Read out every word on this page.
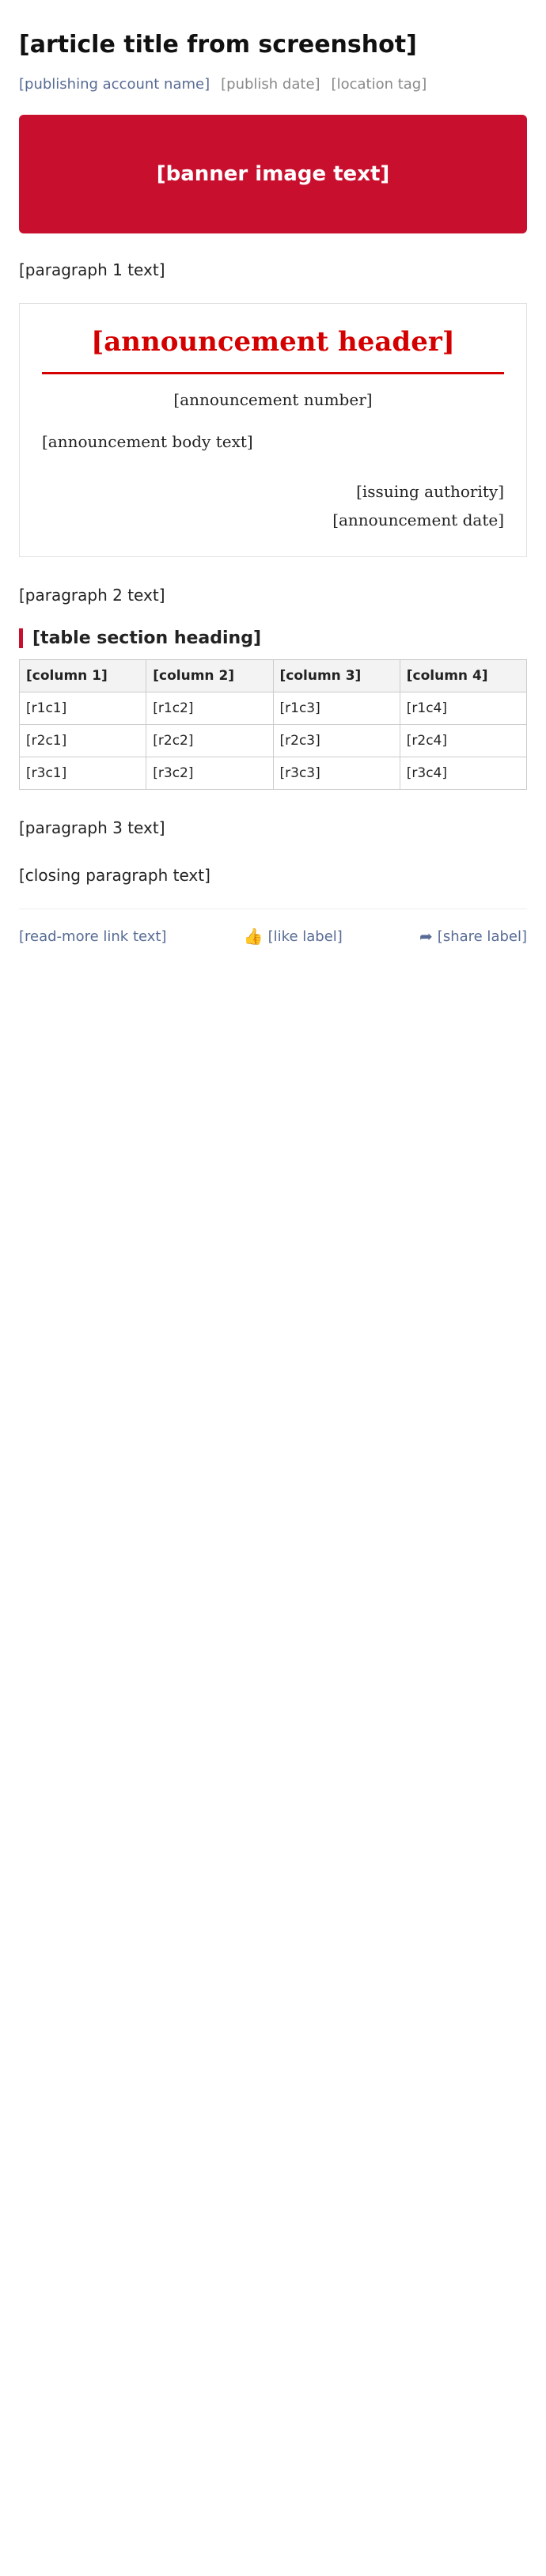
[article title from screenshot]
[publishing account name] [publish date] [location tag]
[banner image text]

[paragraph 1 text]

[announcement header]
[announcement number]
[announcement body text]
[issuing authority]
[announcement date]

[paragraph 2 text]

[table section heading]
[column 1]	[column 2]	[column 3]	[column 4]
[r1c1]	[r1c2]	[r1c3]	[r1c4]
[r2c1]	[r2c2]	[r2c3]	[r2c4]
[r3c1]	[r3c2]	[r3c3]	[r3c4]

[paragraph 3 text]

[closing paragraph text]

[read-more link text]	👍 [like label]	➦ [share label]
